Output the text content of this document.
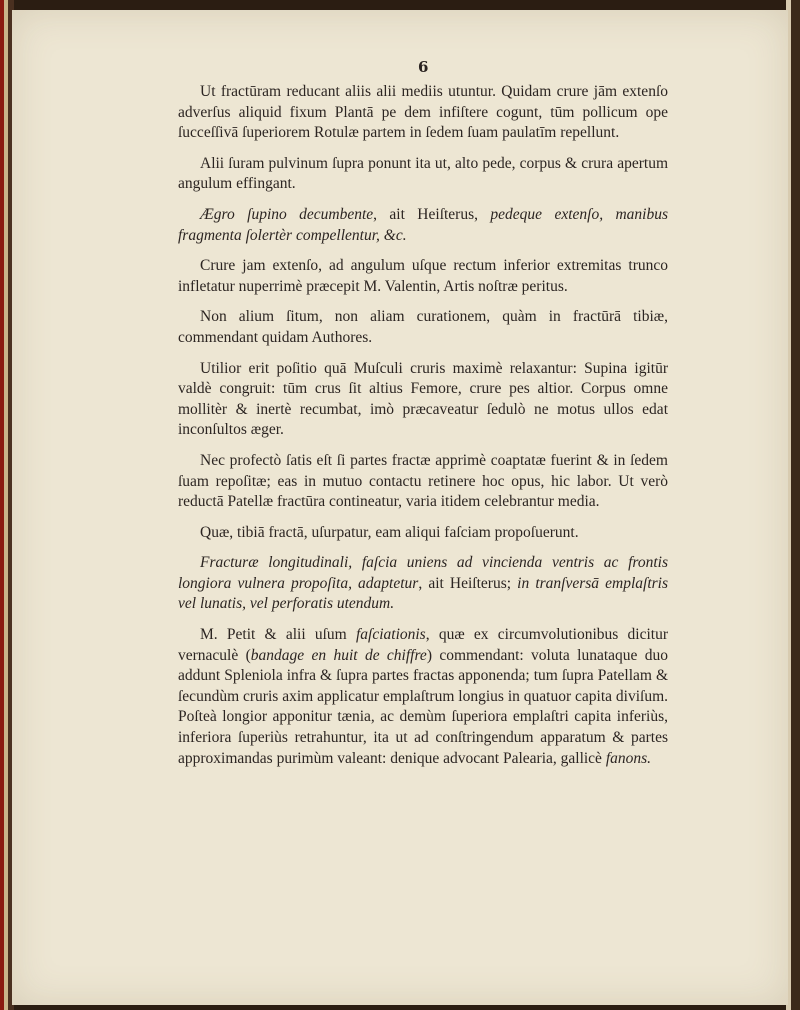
6

Ut fractūram reducant aliis alii mediis utuntur. Quidam crure jām extenſo adverſus aliquid fixum Plantā pe dem infiſtere cogunt, tūm pollicum ope ſucceſſivā ſuperiorem Rotulæ partem in ſedem ſuam paulatīm repellunt.

Alii ſuram pulvinum ſupra ponunt ita ut, alto pede, corpus & crura apertum angulum effingant.

Ægro ſupino decumbente, ait Heiſterus, pedeque extenſo, manibus fragmenta ſolertèr compellentur, &c.

Crure jam extenſo, ad angulum uſque rectum inferior extremitas trunco infletatur nuperrimè præcepit M. Valentin, Artis noſtræ peritus.

Non alium ſitum, non aliam curationem, quàm in fractūrā tibiæ, commendant quidam Authores.

Utilior erit poſitio quā Muſculi cruris maximè relaxantur: Supina igitūr valdè congruit: tūm crus ſit altius Femore, crure pes altior. Corpus omne mollitèr & inertè recumbat, imò præcaveatur ſedulò ne motus ullos edat inconſultos æger.

Nec profectò ſatis eſt ſi partes fractæ apprimè coaptatæ fuerint & in ſedem ſuam repoſitæ; eas in mutuo contactu retinere hoc opus, hic labor. Ut verò reductā Patellæ fractūra contineatur, varia itidem celebrantur media.

Quæ, tibiā fractā, uſurpatur, eam aliqui faſciam propoſuerunt.

Fracturæ longitudinali, faſcia uniens ad vincienda ventris ac frontis longiora vulnera propoſita, adaptetur, ait Heiſterus; in tranſversā emplaſtris vel lunatis, vel perforatis utendum.

M. Petit & alii uſum faſciationis, quæ ex circumvolutionibus dicitur vernaculè (bandage en huit de chiffre) commendant: voluta lunataque duo addunt Spleniola infra & ſupra partes fractas apponenda; tum ſupra Patellam & ſecundùm cruris axim applicatur emplaſtrum longius in quatuor capita diviſum. Poſteà longior apponitur tænia, ac demùm ſuperiora emplaſtri capita inferiùs, inferiora ſuperiùs retrahuntur, ita ut ad conſtringendum apparatum & partes approximandas purimùm valeant: denique advocant Palearia, gallicè fanons.
